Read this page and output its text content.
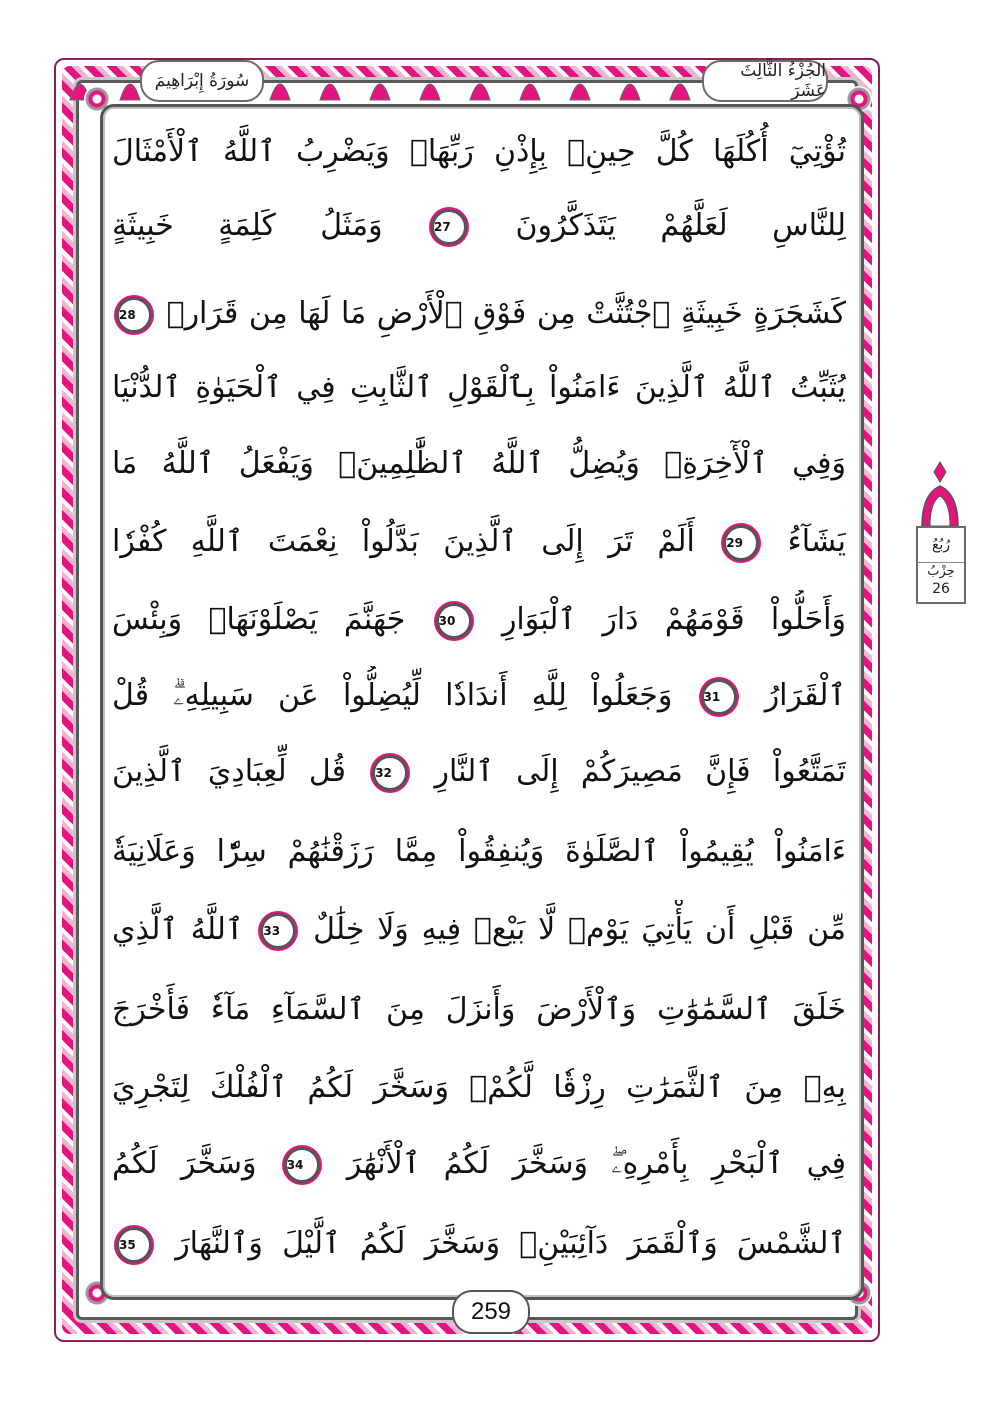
الجُزْءُ الثَّالِثَ عَشَرَ
سُورَةُ إِبْرَاهِيمَ
تُؤْتِيٓ أُكُلَهَا كُلَّ حِينِۭ بِإِذْنِ رَبِّهَاۗ وَيَضْرِبُ ٱللَّهُ ٱلْأَمْثَالَ
لِلنَّاسِ لَعَلَّهُمْ يَتَذَكَّرُونَ 27 وَمَثَلُ كَلِمَةٍ خَبِيثَةٍ
كَشَجَرَةٍ خَبِيثَةٍ ٱجْتُثَّتْ مِن فَوْقِ ٱلْأَرْضِ مَا لَهَا مِن قَرَارٖ 28
يُثَبِّتُ ٱللَّهُ ٱلَّذِينَ ءَامَنُواْ بِٱلْقَوْلِ ٱلثَّابِتِ فِي ٱلْحَيَوٰةِ ٱلدُّنْيَا
وَفِي ٱلْأٓخِرَةِۖ وَيُضِلُّ ٱللَّهُ ٱلظَّٰلِمِينَۚ وَيَفْعَلُ ٱللَّهُ مَا
يَشَآءُ 29 أَلَمْ تَرَ إِلَى ٱلَّذِينَ بَدَّلُواْ نِعْمَتَ ٱللَّهِ كُفْرٗا
وَأَحَلُّواْ قَوْمَهُمْ دَارَ ٱلْبَوَارِ 30 جَهَنَّمَ يَصْلَوْنَهَاۖ وَبِئْسَ
ٱلْقَرَارُ 31 وَجَعَلُواْ لِلَّهِ أَندَادٗا لِّيُضِلُّواْ عَن سَبِيلِهِۦۗ قُلْ
تَمَتَّعُواْ فَإِنَّ مَصِيرَكُمْ إِلَى ٱلنَّارِ 32 قُل لِّعِبَادِيَ ٱلَّذِينَ
ءَامَنُواْ يُقِيمُواْ ٱلصَّلَوٰةَ وَيُنفِقُواْ مِمَّا رَزَقْنَٰهُمْ سِرّٗا وَعَلَانِيَةٗ
مِّن قَبْلِ أَن يَأْتِيَ يَوْمٞ لَّا بَيْعٞ فِيهِ وَلَا خِلَٰلٌ 33 ٱللَّهُ ٱلَّذِي
خَلَقَ ٱلسَّمَٰوَٰتِ وَٱلْأَرْضَ وَأَنزَلَ مِنَ ٱلسَّمَآءِ مَآءٗ فَأَخْرَجَ
بِهِۦ مِنَ ٱلثَّمَرَٰتِ رِزْقٗا لَّكُمْۖ وَسَخَّرَ لَكُمُ ٱلْفُلْكَ لِتَجْرِيَ
فِي ٱلْبَحْرِ بِأَمْرِهِۦۖ وَسَخَّرَ لَكُمُ ٱلْأَنْهَٰرَ 34 وَسَخَّرَ لَكُمُ
ٱلشَّمْسَ وَٱلْقَمَرَ دَآئِبَيْنِۖ وَسَخَّرَ لَكُمُ ٱلَّيْلَ وَٱلنَّهَارَ 35
رُبُعُ
حِزْبُ
26
259
